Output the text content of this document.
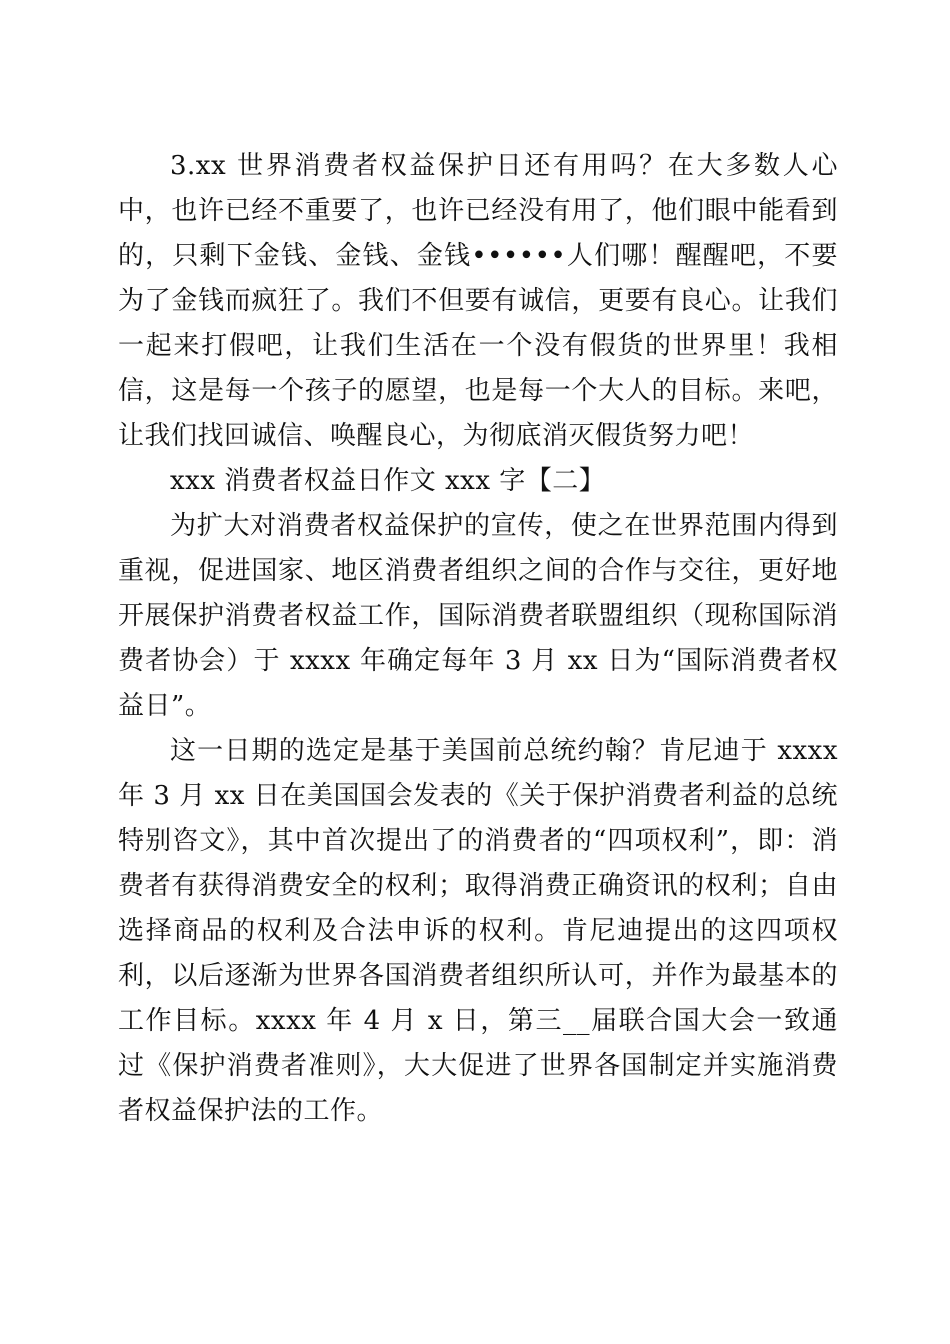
3.xx 世界消费者权益保护日还有用吗？在大多数人心中，也许已经不重要了，也许已经没有用了，他们眼中能看到的，只剩下金钱、金钱、金钱••••••人们哪！醒醒吧，不要为了金钱而疯狂了。我们不但要有诚信，更要有良心。让我们一起来打假吧，让我们生活在一个没有假货的世界里！我相信，这是每一个孩子的愿望，也是每一个大人的目标。来吧，让我们找回诚信、唤醒良心，为彻底消灭假货努力吧！

xxx 消费者权益日作文 xxx 字【二】

为扩大对消费者权益保护的宣传，使之在世界范围内得到重视，促进国家、地区消费者组织之间的合作与交往，更好地开展保护消费者权益工作，国际消费者联盟组织（现称国际消费者协会）于 xxxx 年确定每年 3 月 xx 日为“国际消费者权益日”。

这一日期的选定是基于美国前总统约翰？肯尼迪于 xxxx 年 3 月 xx 日在美国国会发表的《关于保护消费者利益的总统特别咨文》，其中首次提出了的消费者的“四项权利”，即：消费者有获得消费安全的权利；取得消费正确资讯的权利；自由选择商品的权利及合法申诉的权利。肯尼迪提出的这四项权利，以后逐渐为世界各国消费者组织所认可，并作为最基本的工作目标。xxxx 年 4 月 x 日，第三__届联合国大会一致通过《保护消费者准则》，大大促进了世界各国制定并实施消费者权益保护法的工作。
